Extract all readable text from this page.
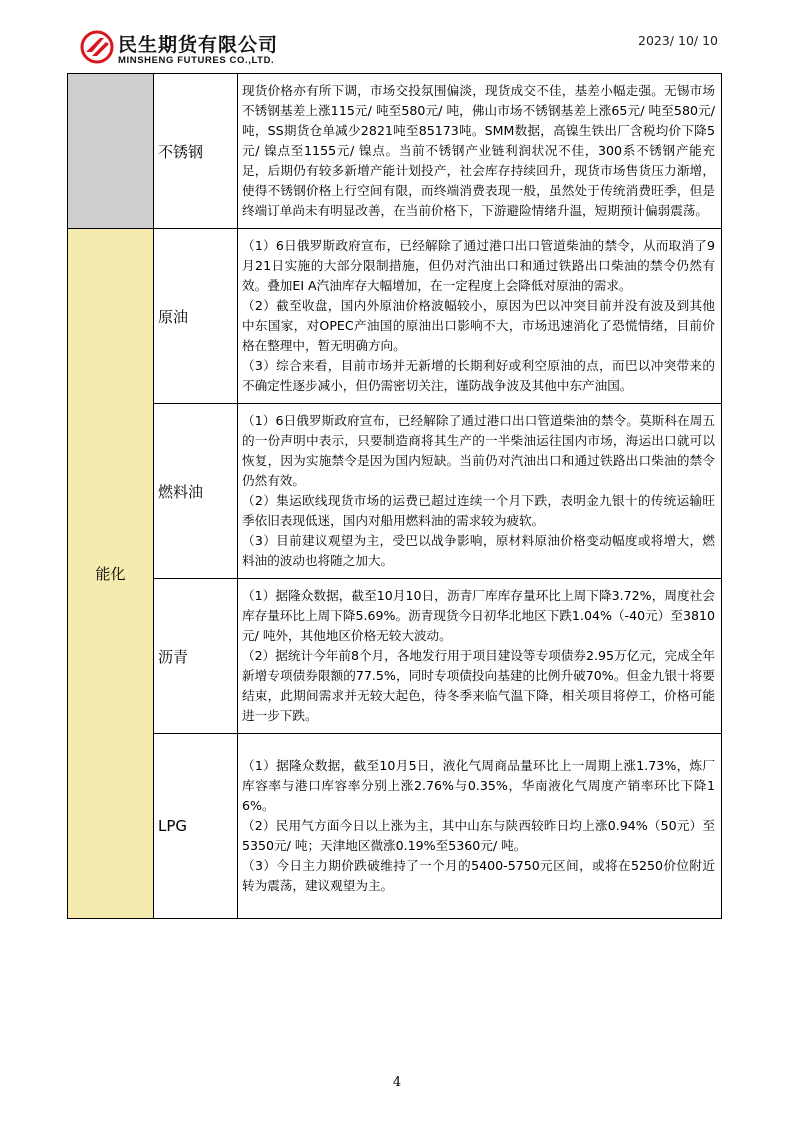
民生期货有限公司
MINSHENG FUTURES CO.,LTD.
2023/ 10/ 10
	不锈钢	现货价格亦有所下调，市场交投氛围偏淡，现货成交不佳，基差小幅走强。无锡市场不锈钢基差上涨115元/ 吨至580元/ 吨，佛山市场不锈钢基差上涨65元/ 吨至580元/ 吨，SS期货仓单减少2821吨至85173吨。SMM数据，高镍生铁出厂含税均价下降5元/ 镍点至1155元/ 镍点。当前不锈钢产业链利润状况不佳，300系不锈钢产能充足，后期仍有较多新增产能计划投产，社会库存持续回升，现货市场售货压力渐增，使得不锈钢价格上行空间有限，而终端消费表现一般，虽然处于传统消费旺季，但是终端订单尚未有明显改善，在当前价格下，下游避险情绪升温，短期预计偏弱震荡。

能化	原油	（1）6日俄罗斯政府宣布，已经解除了通过港口出口管道柴油的禁令，从而取消了9月21日实施的大部分限制措施，但仍对汽油出口和通过铁路出口柴油的禁令仍然有效。叠加EI A汽油库存大幅增加，在一定程度上会降低对原油的需求。
（2）截至收盘，国内外原油价格波幅较小，原因为巴以冲突目前并没有波及到其他中东国家，对OPEC产油国的原油出口影响不大，市场迅速消化了恐慌情绪，目前价格在整理中，暂无明确方向。
（3）综合来看，目前市场并无新增的长期利好或利空原油的点，而巴以冲突带来的不确定性逐步减小，但仍需密切关注，谨防战争波及其他中东产油国。

	燃料油	（1）6日俄罗斯政府宣布，已经解除了通过港口出口管道柴油的禁令。莫斯科在周五的一份声明中表示，只要制造商将其生产的一半柴油运往国内市场，海运出口就可以恢复，因为实施禁令是因为国内短缺。当前仍对汽油出口和通过铁路出口柴油的禁令仍然有效。
（2）集运欧线现货市场的运费已超过连续一个月下跌，表明金九银十的传统运输旺季依旧表现低迷，国内对船用燃料油的需求较为疲软。
（3）目前建议观望为主，受巴以战争影响，原材料原油价格变动幅度或将增大，燃料油的波动也将随之加大。

	沥青	（1）据隆众数据，截至10月10日，沥青厂库库存量环比上周下降3.72%，周度社会库存量环比上周下降5.69%。沥青现货今日初华北地区下跌1.04%（-40元）至3810元/ 吨外，其他地区价格无较大波动。
（2）据统计今年前8个月，各地发行用于项目建设等专项债券2.95万亿元，完成全年新增专项债券限额的77.5%，同时专项债投向基建的比例升破70%。但金九银十将要结束，此期间需求并无较大起色，待冬季来临气温下降，相关项目将停工，价格可能进一步下跌。

	LPG	（1）据隆众数据，截至10月5日，液化气周商品量环比上一周期上涨1.73%，炼厂库容率与港口库容率分别上涨2.76%与0.35%，华南液化气周度产销率环比下降16%。
（2）民用气方面今日以上涨为主，其中山东与陕西较昨日均上涨0.94%（50元）至5350元/ 吨；天津地区微涨0.19%至5360元/ 吨。
（3）今日主力期价跌破维持了一个月的5400-5750元区间，或将在5250价位附近转为震荡，建议观望为主。
4
